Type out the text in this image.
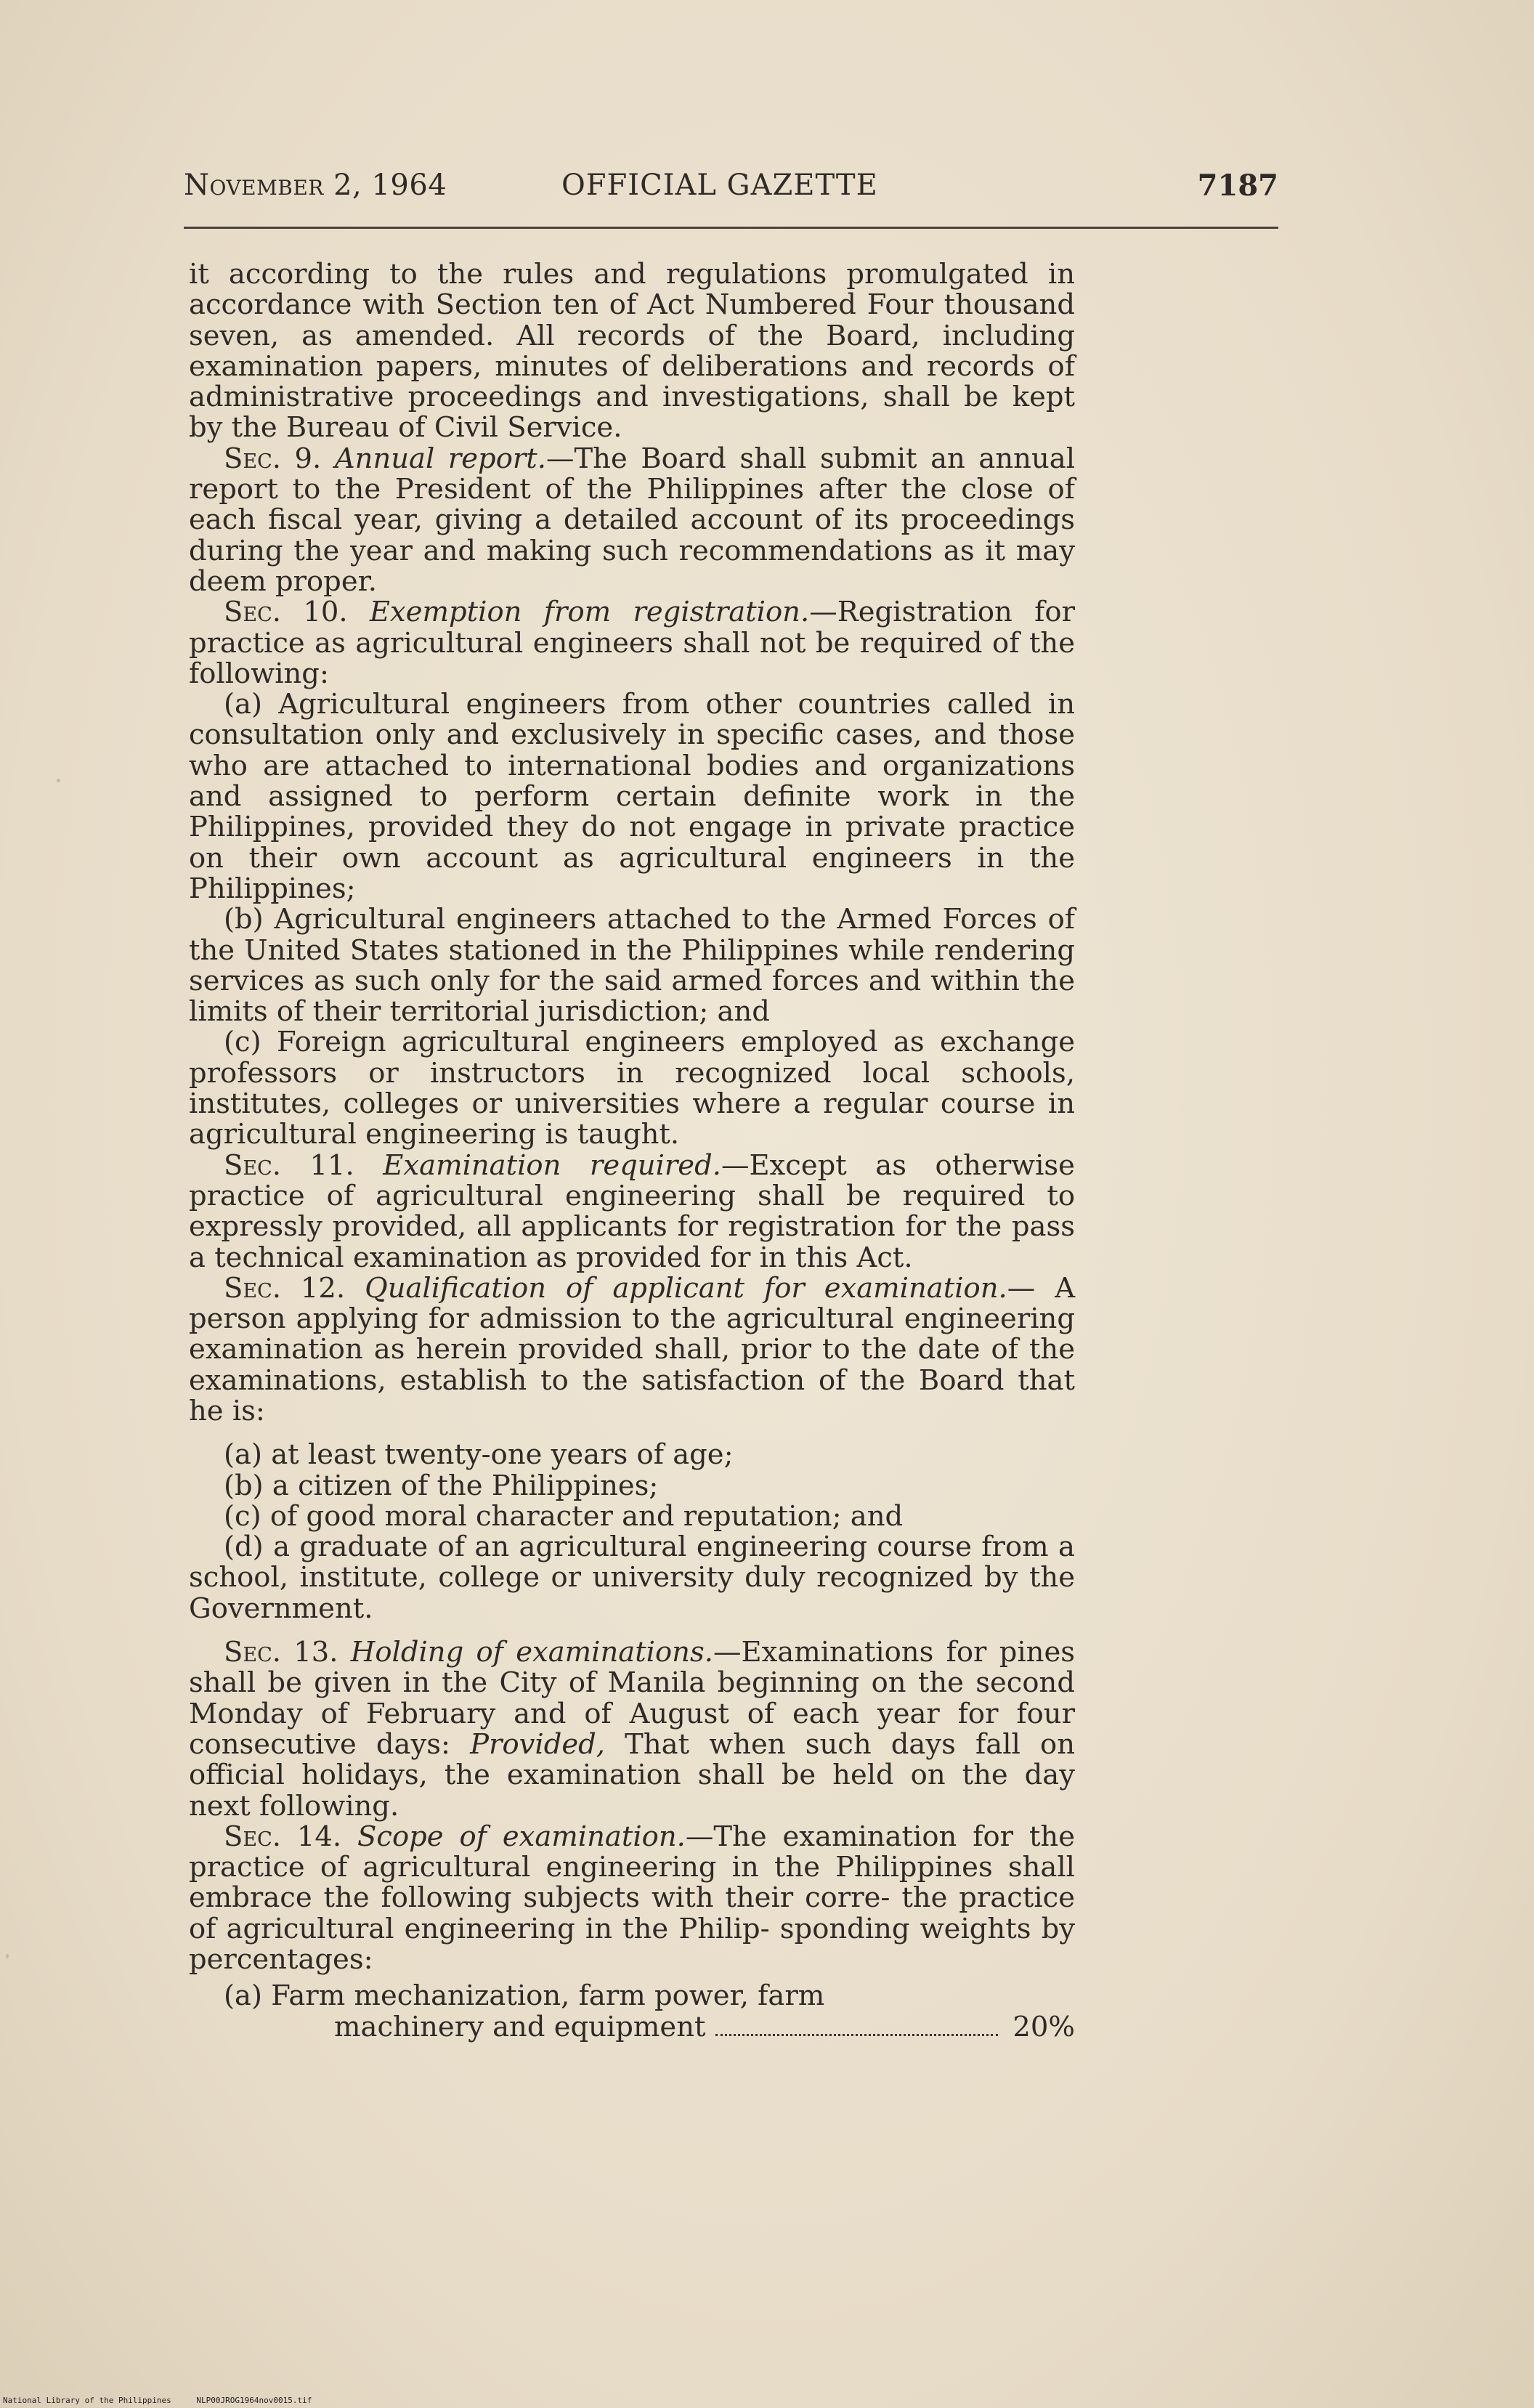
November 2, 1964	OFFICIAL GAZETTE	7187

it according to the rules and regulations promulgated in accordance with Section ten of Act Numbered Four thousand seven, as amended. All records of the Board, including examination papers, minutes of deliberations and records of administrative proceedings and investigations, shall be kept by the Bureau of Civil Service.

Sec. 9. Annual report.—The Board shall submit an annual report to the President of the Philippines after the close of each fiscal year, giving a detailed account of its proceedings during the year and making such recommendations as it may deem proper.

Sec. 10. Exemption from registration.—Registration for practice as agricultural engineers shall not be required of the following:

(a) Agricultural engineers from other countries called in consultation only and exclusively in specific cases, and those who are attached to international bodies and organizations and assigned to perform certain definite work in the Philippines, provided they do not engage in private practice on their own account as agricultural engineers in the Philippines;

(b) Agricultural engineers attached to the Armed Forces of the United States stationed in the Philippines while rendering services as such only for the said armed forces and within the limits of their territorial jurisdiction; and

(c) Foreign agricultural engineers employed as exchange professors or instructors in recognized local schools, institutes, colleges or universities where a regular course in agricultural engineering is taught.

Sec. 11. Examination required.—Except as otherwise practice of agricultural engineering shall be required to expressly provided, all applicants for registration for the pass a technical examination as provided for in this Act.

Sec. 12. Qualification of applicant for examination.— A person applying for admission to the agricultural engineering examination as herein provided shall, prior to the date of the examinations, establish to the satisfaction of the Board that he is:

(a) at least twenty-one years of age;

(b) a citizen of the Philippines;

(c) of good moral character and reputation; and

(d) a graduate of an agricultural engineering course from a school, institute, college or university duly recognized by the Government.

Sec. 13. Holding of examinations.—Examinations for pines shall be given in the City of Manila beginning on the second Monday of February and of August of each year for four consecutive days: Provided, That when such days fall on official holidays, the examination shall be held on the day next following.

Sec. 14. Scope of examination.—The examination for the practice of agricultural engineering in the Philippines shall embrace the following subjects with their corre- the practice of agricultural engineering in the Philip- sponding weights by percentages:

(a) Farm mechanization, farm power, farm
machinery and equipment	20%
National Library of the Philippines	NLP00JROG1964nov0015.tif
